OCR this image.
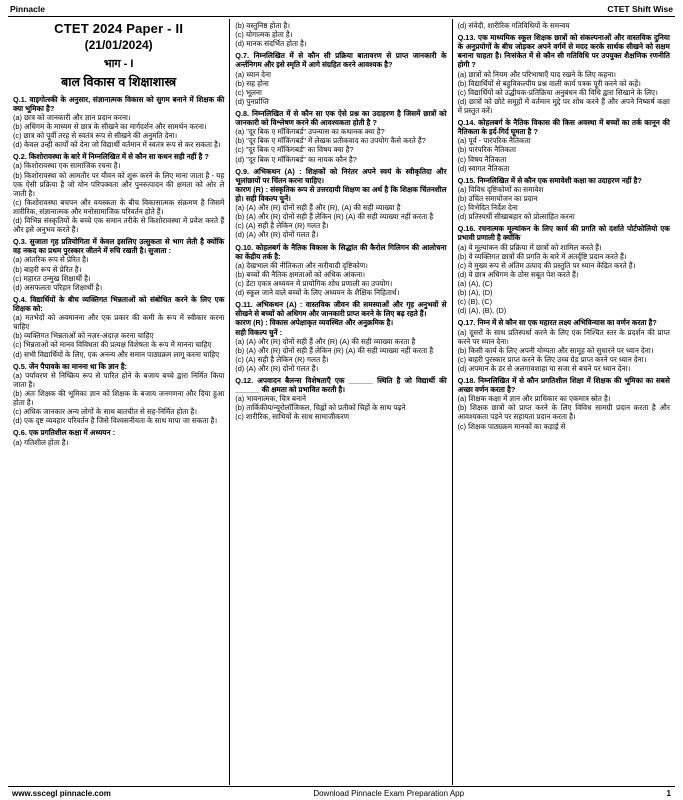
Pinnacle	CTET Shift Wise
CTET 2024 Paper - II
(21/01/2024)
भाग - I
बाल विकास व शिक्षाशास्त्र
Q.1. वाइगोत्स्की के अनुसार, संज्ञानात्मक विकास को सुगम बनाने में शिक्षक की क्या भूमिका है?
(a) छात्र को जानकारी और ज्ञान प्रदान करना।
(b) अधिगम के माध्यम से छात्र के सीखने का मार्गदर्शन और सामर्थन करना।
(c) छात्र को पूर्वी तरह से स्वतंत्र रूप से सीखने की अनुमति देना।
(d) केवल उन्हीं कार्यों को देना जो विद्यार्थी वर्तमान में स्वतंत्र रूप से कर सकता है।
Q.2. किशोरावस्था के बारे में निम्नलिखित में से कौन सा कथन सही नहीं है ?
(a) किशोरावस्था एक सामाजिक रचना है।
(b) किशोरावस्था को आमतौर पर यौवन को शुरू करने के लिए माना जाता है - यह एक ऐसी प्रक्रिया है जो योन परिपक्वता और पुनरुत्पादन की क्षमता को ओर ले जाती है।
(c) किशोरावस्था बचपन और वयस्कता के बीच विकासात्मक संक्रमण है जिसमें शारीरिक, संज्ञानात्मक और मनोसामाजिक परिवर्तन होते हैं।
(d) विभिन्न संस्कृतियों के बच्चे एक समान तरीके से किशोरावस्था में प्रवेश करते हैं और इसे अनुभव करते हैं।
Q.3. सुजाता गृह प्रतियोगिता में केवल इसलिए उत्सुकता से भाग लेती है क्योंकि वह नकद का प्रथम पुरस्कार जीतने में रुचि रखती है। सुजाता :
(a) आंतरिक रूप से प्रेरित है।
(b) बाहरी रूप से प्रेरित है।
(c) महारत उन्मुख शिक्षार्थी है।
(d) असफलता परिहार शिक्षार्थी है।
Q.4. विद्यार्थियों के बीच व्यक्तिगत भिन्नताओं को संबोधित करने के लिए एक शिक्षक को:
(a) मतभेदों को अवमानना और एक प्रकार की कमी के रूप में स्वीकार करना चाहिए
(b) व्यक्तिगत भिन्नताओं को नज़र-अंदाज़ करना चाहिए
(c) भिन्नताओं को मानव विविधता की प्रत्यक्ष विशेषता के रूप में मानना चाहिए
(d) सभी विद्यार्थियों के लिए, एक अनन्य और समान पाठ्यक्रम लागू करना चाहिए
Q.5. जेंन पैपावके का मानना था कि ज्ञान है:
(a) पर्यावरण से निष्क्रिय रूप से पारित होने के बजाय बच्चे द्वारा निर्मित किया जाता है।
(b) अंतः शिक्षक की भूमिका ज्ञान को शिक्षक के बजाय जनगणना और दिया हुआ होता है।
(c) अधिक जानकार अन्य लोगों के साथ बातचीत से सह-निर्मित होता है।
(d) एक दृष्ट व्यवहार परिवर्तन है जिसे विश्वसनीयता के साथ मापा जा सकता है।
Q.6. एक प्रगतिशील कक्षा में अध्ययन :
(a) गतिशील होता है।
(b) वस्तुनिष्ठ होता है।
(c) योगात्मक होता है।
(d) मानक संदर्भित होता है।
Q.7. निम्नलिखित में से कौन सी प्रक्रिया बातावरण से प्राप्त जानकारी के अर्न्तनिगम और इसे स्मृति में आगे संग्रहित करने आवश्यक है?
(a) ध्यान देना
(b) सह होना
(c) भूलना
(d) पुनर्प्राप्ति
Q.8. निम्नलिखित में से कौन सा एक ऐसे प्रश्न का उदाहरण है जिसमें छात्रों को जानकारी को विश्लेषण करने की आवश्यकता होती है ?
(a) "दूर बिक ए मॉकिंगबर्ड" उपन्यास का कथानक क्या है?
(b) "दूर बिक ए मॉकिंगबर्ड" में लेखक प्रतीकवाद का उपयोग कैसे करते हैं?
(c) "दूर बिक ए मॉकिंगबर्ड" का विषय क्या है?
(d) "दूर बिक ए मॉकिंगबर्ड" का नायक कौन है?
Q.9. अभिकथन (A) : शिक्षकों को निरंतर अपने स्वयं के स्वीकृतिदा और भूलांछायों पर चिंतन करना चाहिए।
कारण (R) : संस्कृतिक रूप से उत्तरदायी शिक्षण का अर्थ है कि शिक्षक चिंतनशील हो। सही विकल्प चुनें।
(a) (A) और (R) दोनों सही हैं और (R), (A) की सही व्याख्या है
(b) (A) और (R) दोनों सही हैं लेकिन (R) (A) की सही व्याख्या नहीं करता है
(c) (A) सही है लेकिन (R) गलत है।
(d) (A) और (R) दोनों गलत हैं।
Q.10. कोहलबर्ग के नैतिक विकास के सिद्धांत की कैरोल गिलिगन की आलोचना का केंद्रीय तर्क है:
(a) देखभाल की नीतिकता और नारीवादी दृष्टिकोण।
(b) बच्चों की नैतिक क्षमताओं को अधिक आंकना।
(c) डेटा एकत्र अध्ययन में प्रायोगिक शोध प्रणाली का उपयोग।
(d) स्कूल जाने वाले बच्चों के लिए अध्ययन के शैक्षिक निहितार्थ।
Q.11. अभिकथन (A) : वास्तविक जीवन की समस्याओं और गृह अनुभवों से सीखने से बच्चों को अधिगम और जानकारी प्राप्त करने के लिए बढ़ रहते हैं।
कारण (R) : विकास अपेक्षाकृत व्यवस्थित और अनुक्रमिक है।
सही विकल्प चुनें :
(a) (A) और (R) दोनों सही हैं और (R) (A) की सही व्याख्या करता है
(b) (A) और (R) दोनों सही हैं लेकिन (R) (A) की सही व्याख्या नहीं करता है
(c) (A) सही है लेकिन (R) गलत है।
(d) (A) और (R) दोनों गलत हैं।
Q.12. अपवादन बैलन्स विशेषताएँ एक ______ स्थिति है जो विद्यार्थी की ______ की क्षमता को प्रभावित करती है।
(a) भावनात्मक, चित्र बनाने
(b) तार्किकीय/न्यूरोलॉजिकल, चिह्नों को प्रतीकों चिहों के साथ पढ़ने
(c) शारीरिक, साथियों के साथ सामाजीकरण
(d) संवेदी, शारीरिक गतिविधियों के समन्वय
Q.13. एक माध्यमिक स्कूल शिक्षक छात्रों को संकल्पनाओं और वास्तविक दुनिया के अनुप्रयोगों के बीच जोड़कर अपने वर्गमें से मदद करके सार्थक सीखने को सक्षम बनाना चाहता है। निःसंकेत में से कौन सी गतिविधि पर उपयुक्त शैक्षणिक रणनीति होगी ?
(a) छात्रों को नियम और परिभाषाएँ याद रखने के लिए कहना।
(b) विद्यार्थियों से बहुविकल्पीय प्रश्न वाली कार्य पत्रक पूरी करने को कहें।
(c) विद्यार्थियों को उद्धीयक-प्रतिक्रिया अनुबंधन की विधि द्वारा सिखाने के लिए।
(d) छात्रों को छोटे समूहों में वर्तमान मुद्दे पर शोध करने हैं और अपने निष्कर्ष कक्षा में प्रस्तुत करें।
Q.14. कोहलबर्ग के नैतिक विकास की किस अवस्था में बच्चों का तर्क कानून की नैतिकता के इर्द-गिर्द घूमता है ?
(a) पूर्व - पारंपरिक नैतिकता
(b) पारंपरिक नैतिकता
(c) विषय नैतिकता
(d) स्वागत नैतिकता
Q.15. निम्नलिखित में से कौन एक समावेशी कक्षा का उदाहरण नहीं है?
(a) विविध दृष्टिकोणों का समावेश
(b) उचित समायोजन का प्रदान
(c) विभेदित निर्देश देना
(d) प्रतिस्पर्धी सीखाबहार को प्रोत्साहित करना
Q.16. रचनात्मक मूल्यांकन के लिए कार्य की प्रगति को दर्शाते पोर्टफोलियो एक प्रभावी प्रणाली है क्योंकि
(a) वे मूल्यांकन की प्रक्रिया में छात्रों को शामिल करते हैं।
(b) वे व्यक्तिगत छात्रों की प्रगति के बारे में अंतर्दृष्टि प्रदान करते हैं।
(c) वे मुख्य रूप से अंतिम उत्पाद की प्रस्तुति पर ध्यान केंद्रित करते हैं।
(d) वे छात्र अधिगम के ठोस सबूत पेश करते हैं।
(a) (A), (C)
(b) (A), (D)
(c) (B), (C)
(d) (A), (B), (D)
Q.17. निम्न में से कौन सा एक महारत लक्ष्य अभिविन्यास का वर्णन करता है?
(a) दूसरों के साथ प्रतिस्पर्धा करने के लिए एक निश्चित स्तर के प्रदर्शन की प्राप्त करने पर ध्यान देना।
(b) किसी कार्य के लिए अपनी योग्यता और सामूह को सुधारने पर ध्यान देना।
(c) बाहरी पुरस्कार प्राप्त करने के लिए उच्च ग्रेड प्राप्त करने पर ध्यान देना।
(d) अपमान के डर से अलगावशाहा या सजा से बचने पर ध्यान देना।
Q.18. निम्नलिखित में से कौन प्रगतिशील शिक्षा में शिक्षक की भूमिका का सबसे अच्छा वर्णन करता है?
(a) शिक्षक कक्षा में ज्ञान और प्राधिकार का एकमात्र स्रोत है।
(b) शिक्षक छात्रों को प्राप्त करने के लिए विविध सामग्री प्रदान करता है और आवश्यकता पड़ने पर सहायता प्रदान करता है।
(c) शिक्षक पाठ्यक्रम मानकों का कड़ाई से
www.sscegl pinnacle.com	Download Pinnacle Exam Preparation App	1
